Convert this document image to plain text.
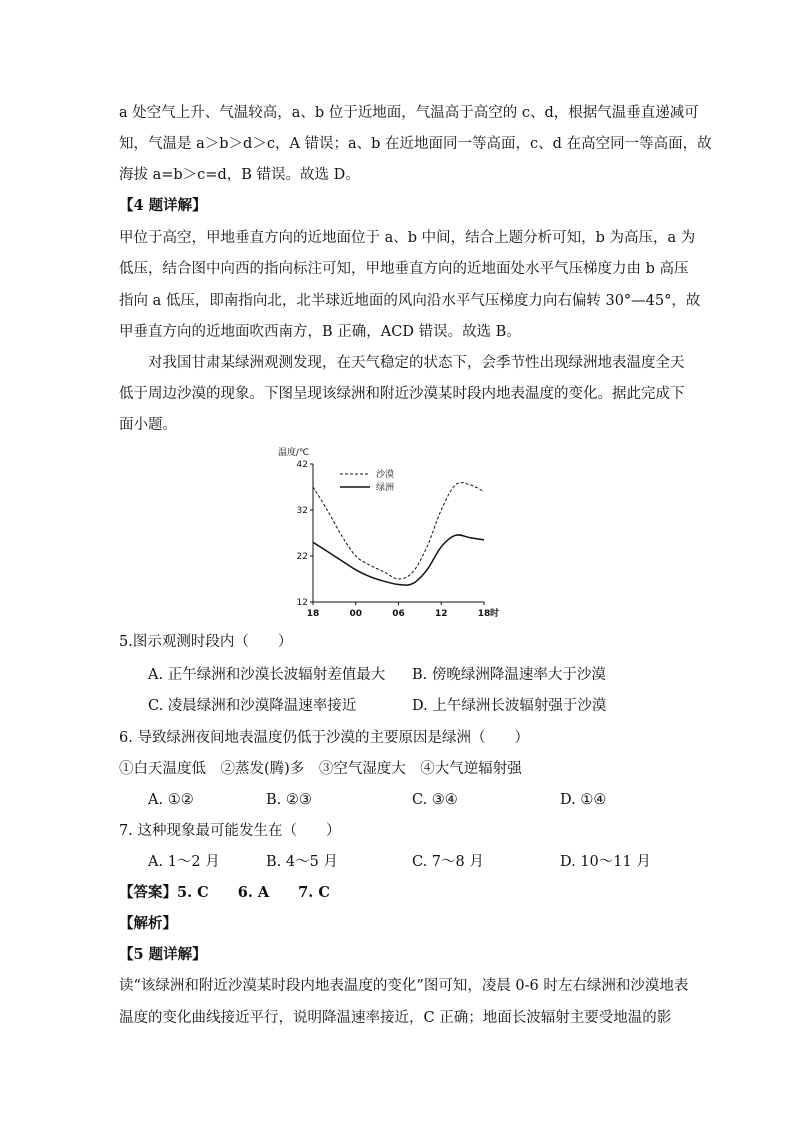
a 处空气上升、气温较高，a、b 位于近地面，气温高于高空的 c、d，根据气温垂直递减可
知，气温是 a＞b＞d＞c，A 错误；a、b 在近地面同一等高面，c、d 在高空同一等高面，故
海拔 a=b＞c=d，B 错误。故选 D。
【4 题详解】
甲位于高空，甲地垂直方向的近地面位于 a、b 中间，结合上题分析可知，b 为高压，a 为
低压，结合图中向西的指向标注可知，甲地垂直方向的近地面处水平气压梯度力由 b 高压
指向 a 低压，即南指向北，北半球近地面的风向沿水平气压梯度力向右偏转 30°—45°，故
甲垂直方向的近地面吹西南方，B 正确，ACD 错误。故选 B。
对我国甘肃某绿洲观测发现，在天气稳定的状态下，会季节性出现绿洲地表温度全天
低于周边沙漠的现象。下图呈现该绿洲和附近沙漠某时段内地表温度的变化。据此完成下
面小题。
温度/℃
12
22
32
42
18	00	06	12	18 时
沙漠
绿洲
5.图示观测时段内（　　）
A. 正午绿洲和沙漠长波辐射差值最大 B. 傍晚绿洲降温速率大于沙漠
C. 凌晨绿洲和沙漠降温速率接近	D. 上午绿洲长波辐射强于沙漠
6. 导致绿洲夜间地表温度仍低于沙漠的主要原因是绿洲（　　）
①白天温度低　②蒸发(腾)多　③空气湿度大　④大气逆辐射强
A. ①②	B. ②③	C. ③④	D. ①④
7. 这种现象最可能发生在（　　）
A. 1～2 月	B. 4～5 月	C. 7～8 月	D. 10～11 月
【答案】5. C　　6. A　　7. C
【解析】
【5 题详解】
读“该绿洲和附近沙漠某时段内地表温度的变化”图可知，凌晨 0-6 时左右绿洲和沙漠地表
温度的变化曲线接近平行，说明降温速率接近，C 正确；地面长波辐射主要受地温的影
